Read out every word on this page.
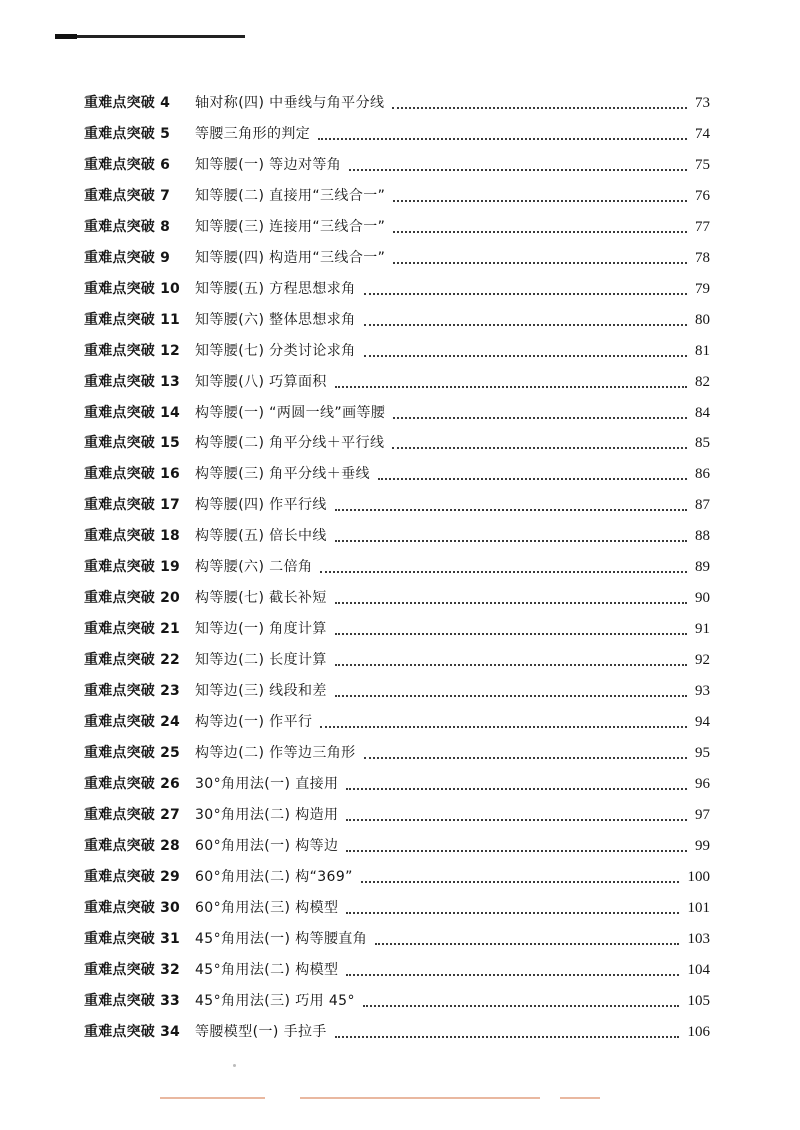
重难点突破 4 轴对称(四) 中垂线与角平分线	73
重难点突破 5 等腰三角形的判定	74
重难点突破 6 知等腰(一) 等边对等角	75
重难点突破 7 知等腰(二) 直接用“三线合一”	76
重难点突破 8 知等腰(三) 连接用“三线合一”	77
重难点突破 9 知等腰(四) 构造用“三线合一”	78
重难点突破 10 知等腰(五) 方程思想求角	79
重难点突破 11 知等腰(六) 整体思想求角	80
重难点突破 12 知等腰(七) 分类讨论求角	81
重难点突破 13 知等腰(八) 巧算面积	82
重难点突破 14 构等腰(一) “两圆一线”画等腰	84
重难点突破 15 构等腰(二) 角平分线＋平行线	85
重难点突破 16 构等腰(三) 角平分线＋垂线	86
重难点突破 17 构等腰(四) 作平行线	87
重难点突破 18 构等腰(五) 倍长中线	88
重难点突破 19 构等腰(六) 二倍角	89
重难点突破 20 构等腰(七) 截长补短	90
重难点突破 21 知等边(一) 角度计算	91
重难点突破 22 知等边(二) 长度计算	92
重难点突破 23 知等边(三) 线段和差	93
重难点突破 24 构等边(一) 作平行	94
重难点突破 25 构等边(二) 作等边三角形	95
重难点突破 26 30°角用法(一) 直接用	96
重难点突破 27 30°角用法(二) 构造用	97
重难点突破 28 60°角用法(一) 构等边	99
重难点突破 29 60°角用法(二) 构“369”	100
重难点突破 30 60°角用法(三) 构模型	101
重难点突破 31 45°角用法(一) 构等腰直角	103
重难点突破 32 45°角用法(二) 构模型	104
重难点突破 33 45°角用法(三) 巧用 45°	105
重难点突破 34 等腰模型(一) 手拉手	106
